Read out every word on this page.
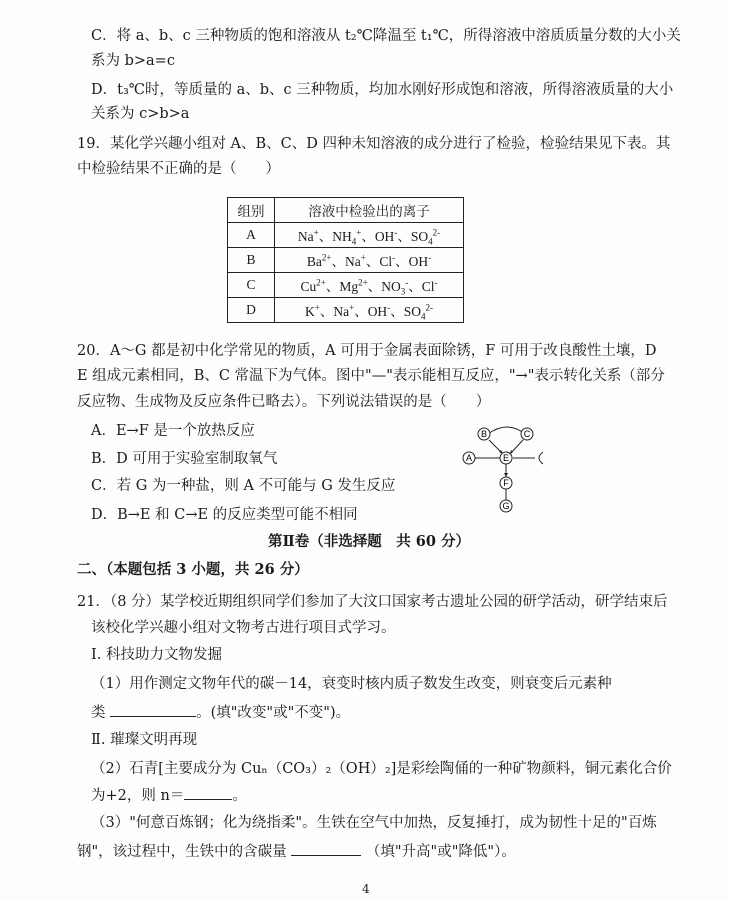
C．将 a、b、c 三种物质的饱和溶液从 t₂℃降温至 t₁℃，所得溶液中溶质质量分数的大小关
系为 b>a=c
D．t₃℃时，等质量的 a、b、c 三种物质，均加水刚好形成饱和溶液，所得溶液质量的大小
关系为 c>b>a
19．某化学兴趣小组对 A、B、C、D 四种未知溶液的成分进行了检验，检验结果见下表。其
中检验结果不正确的是（　　）
组别	溶液中检验出的离子
A	Na+、$NH_4^+$、OH-、$SO_4^{2-}$
B	$Ba^{2+}$、Na+、Cl-、OH-
C	$Cu^{2+}$、$Mg^{2+}$、$NO_3^-$、Cl-
D	K+、Na+、OH-、$SO_4^{2-}$
20．A～G 都是初中化学常见的物质，A 可用于金属表面除锈，F 可用于改良酸性土壤，D
E 组成元素相同，B、C 常温下为气体。图中"—"表示能相互反应，"→"表示转化关系（部分
反应物、生成物及反应条件已略去）。下列说法错误的是（　　）
A．E→F 是一个放热反应
B．D 可用于实验室制取氧气
C．若 G 为一种盐，则 A 不可能与 G 发生反应
D．B→E 和 C→E 的反应类型可能不相同
B	C
A	E
F
G
第Ⅱ卷（非选择题　共 60 分）
二、（本题包括 3 小题，共 26 分）
21．（8 分）某学校近期组织同学们参加了大汶口国家考古遗址公园的研学活动，研学结束后
该校化学兴趣小组对文物考古进行项目式学习。
Ⅰ. 科技助力文物发掘
（1）用作测定文物年代的碳－14，衰变时核内质子数发生改变，则衰变后元素种
类	。(填"改变"或"不变")。
Ⅱ. 璀璨文明再现
（2）石青[主要成分为 Cuₙ（CO₃）₂（OH）₂]是彩绘陶俑的一种矿物颜料，铜元素化合价
为+2，则 n＝	。
（3）"何意百炼钢；化为绕指柔"。生铁在空气中加热，反复捶打，成为韧性十足的"百炼
钢"，该过程中，生铁中的含碳量	（填"升高"或"降低"）。
4
